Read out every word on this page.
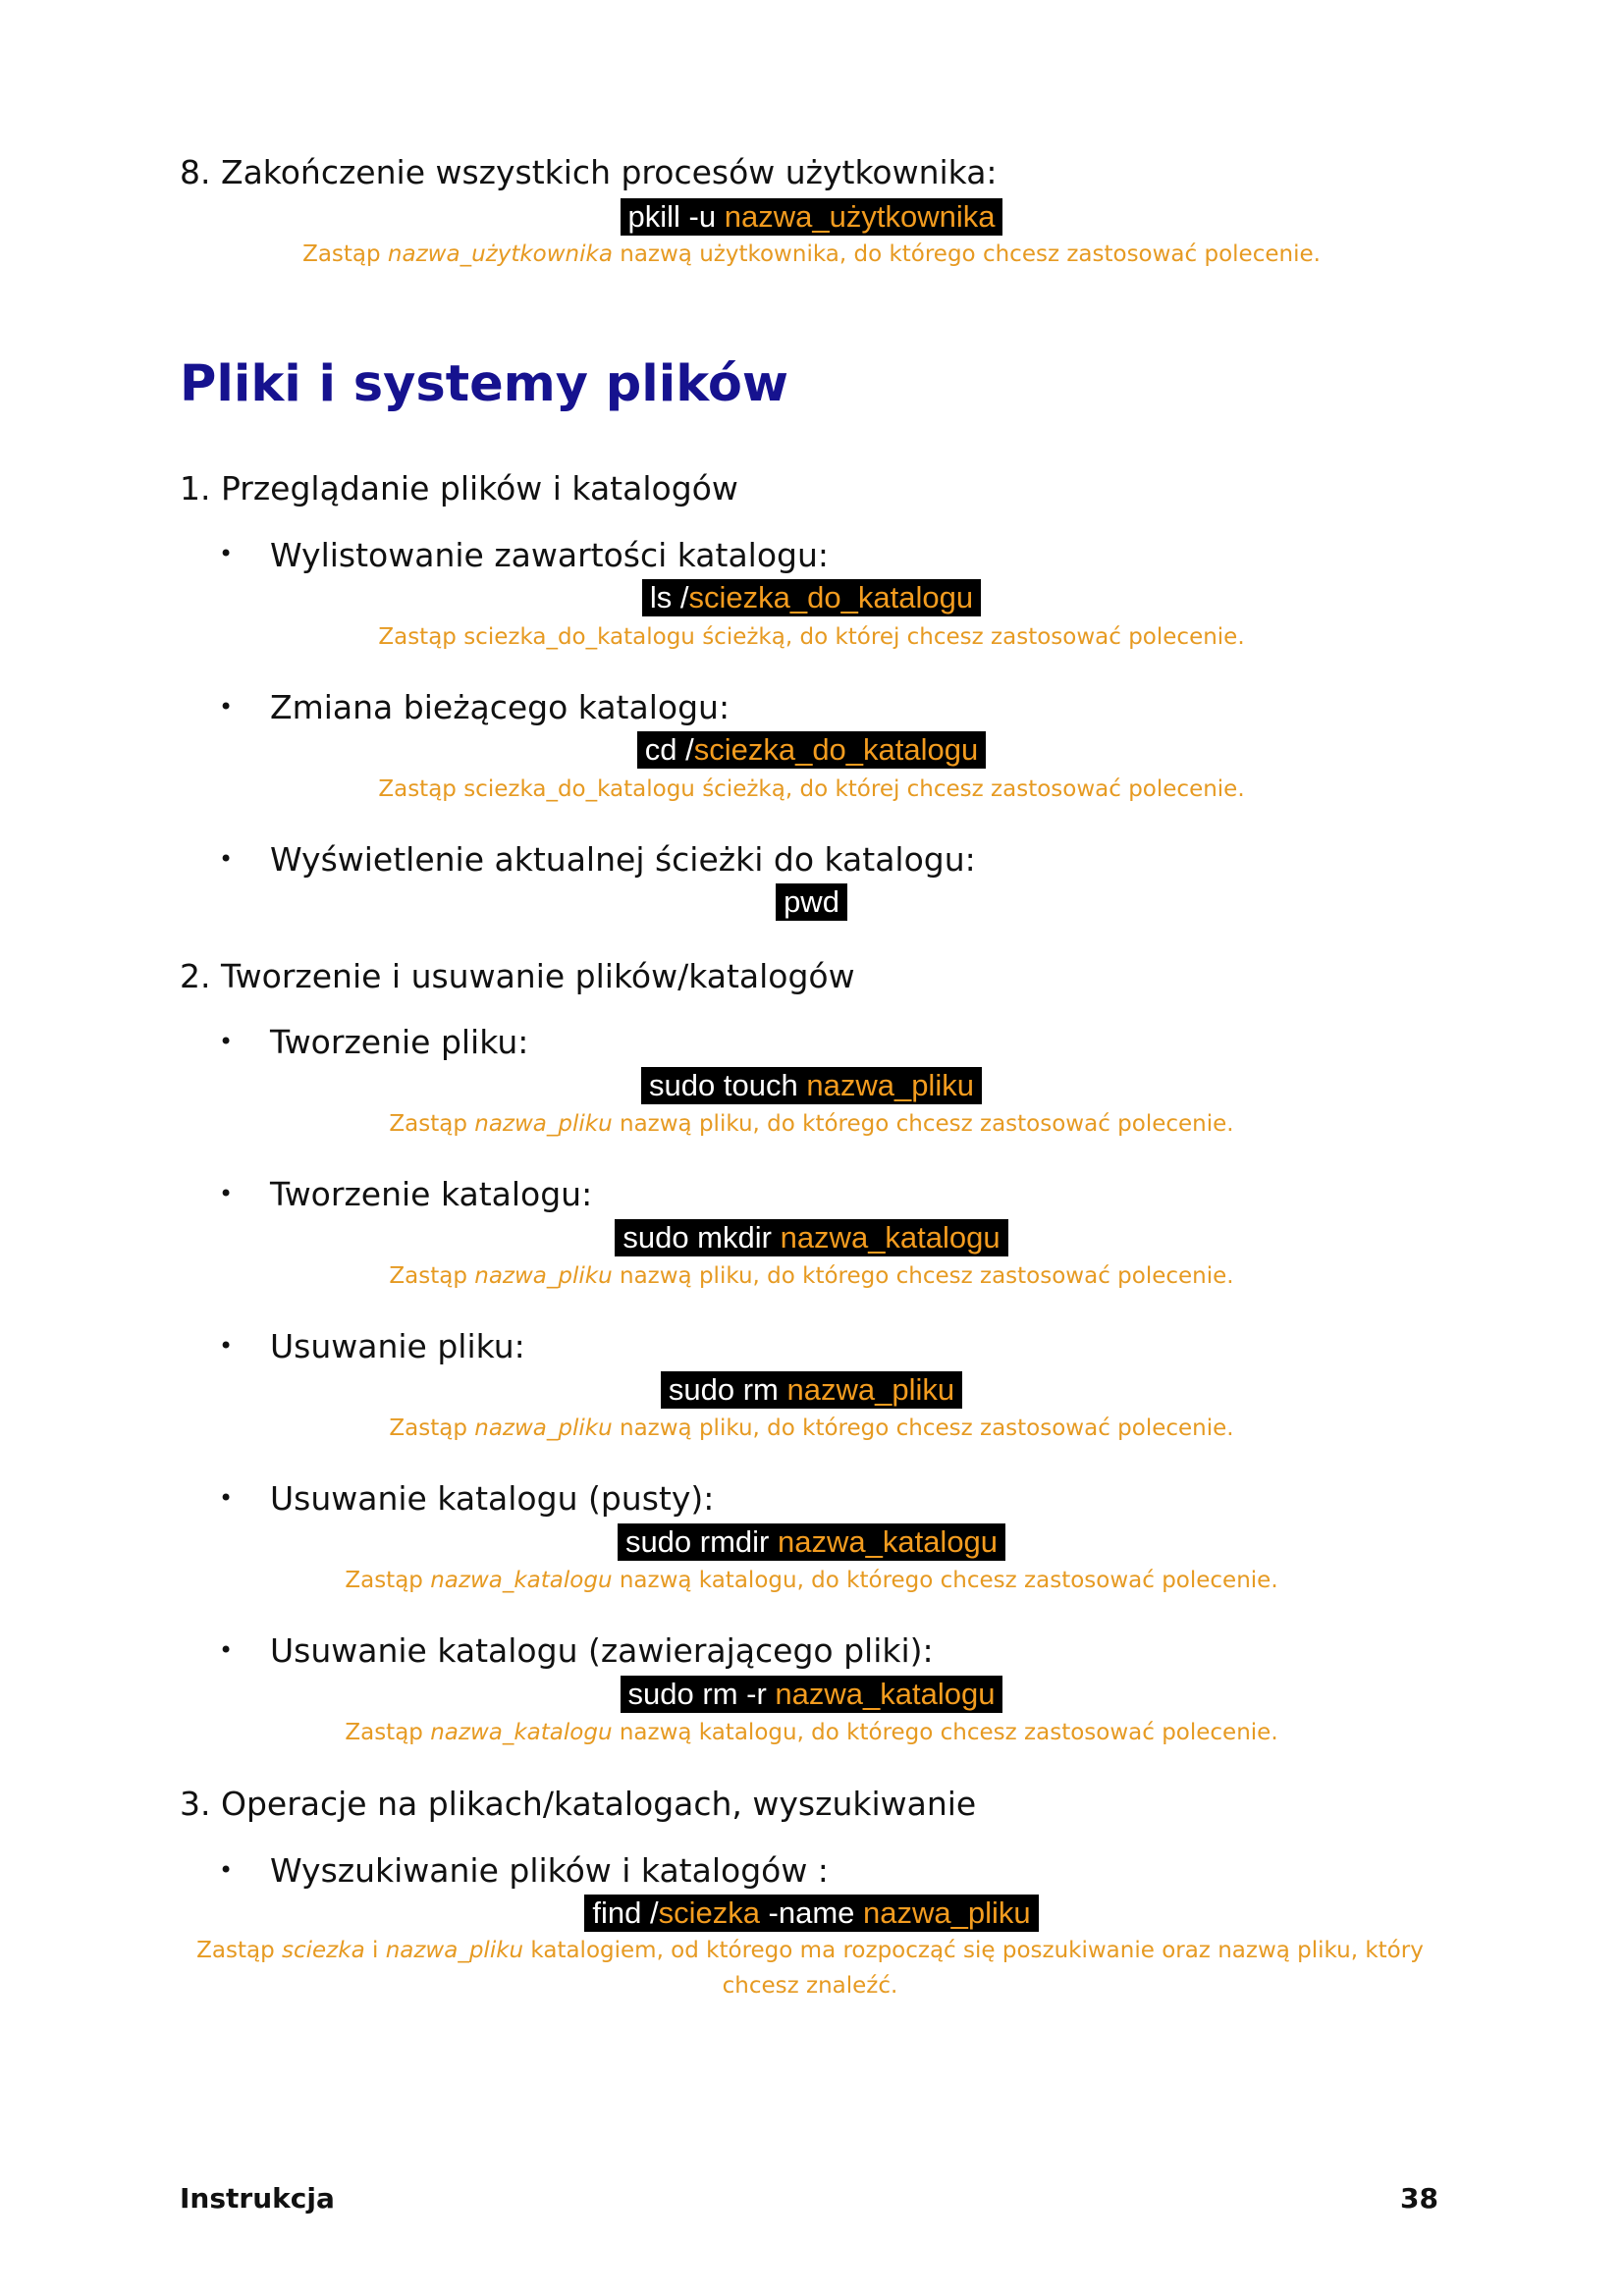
8. Zakończenie wszystkich procesów użytkownika:
pkill -u nazwa_użytkownika
Zastąp nazwa_użytkownika nazwą użytkownika, do którego chcesz zastosować polecenie.
Pliki i systemy plików
1. Przeglądanie plików i katalogów
• Wylistowanie zawartości katalogu:
ls /sciezka_do_katalogu
Zastąp sciezka_do_katalogu ścieżką, do której chcesz zastosować polecenie.
• Zmiana bieżącego katalogu:
cd /sciezka_do_katalogu
Zastąp sciezka_do_katalogu ścieżką, do której chcesz zastosować polecenie.
• Wyświetlenie aktualnej ścieżki do katalogu:
pwd
2. Tworzenie i usuwanie plików/katalogów
• Tworzenie pliku:
sudo touch nazwa_pliku
Zastąp nazwa_pliku nazwą pliku, do którego chcesz zastosować polecenie.
• Tworzenie katalogu:
sudo mkdir nazwa_katalogu
Zastąp nazwa_pliku nazwą pliku, do którego chcesz zastosować polecenie.
• Usuwanie pliku:
sudo rm nazwa_pliku
Zastąp nazwa_pliku nazwą pliku, do którego chcesz zastosować polecenie.
• Usuwanie katalogu (pusty):
sudo rmdir nazwa_katalogu
Zastąp nazwa_katalogu nazwą katalogu, do którego chcesz zastosować polecenie.
• Usuwanie katalogu (zawierającego pliki):
sudo rm -r nazwa_katalogu
Zastąp nazwa_katalogu nazwą katalogu, do którego chcesz zastosować polecenie.
3. Operacje na plikach/katalogach, wyszukiwanie
• Wyszukiwanie plików i katalogów :
find /sciezka -name nazwa_pliku
Zastąp sciezka i nazwa_pliku katalogiem, od którego ma rozpocząć się poszukiwanie oraz nazwą pliku, który chcesz znaleźć.
Instrukcja	38
